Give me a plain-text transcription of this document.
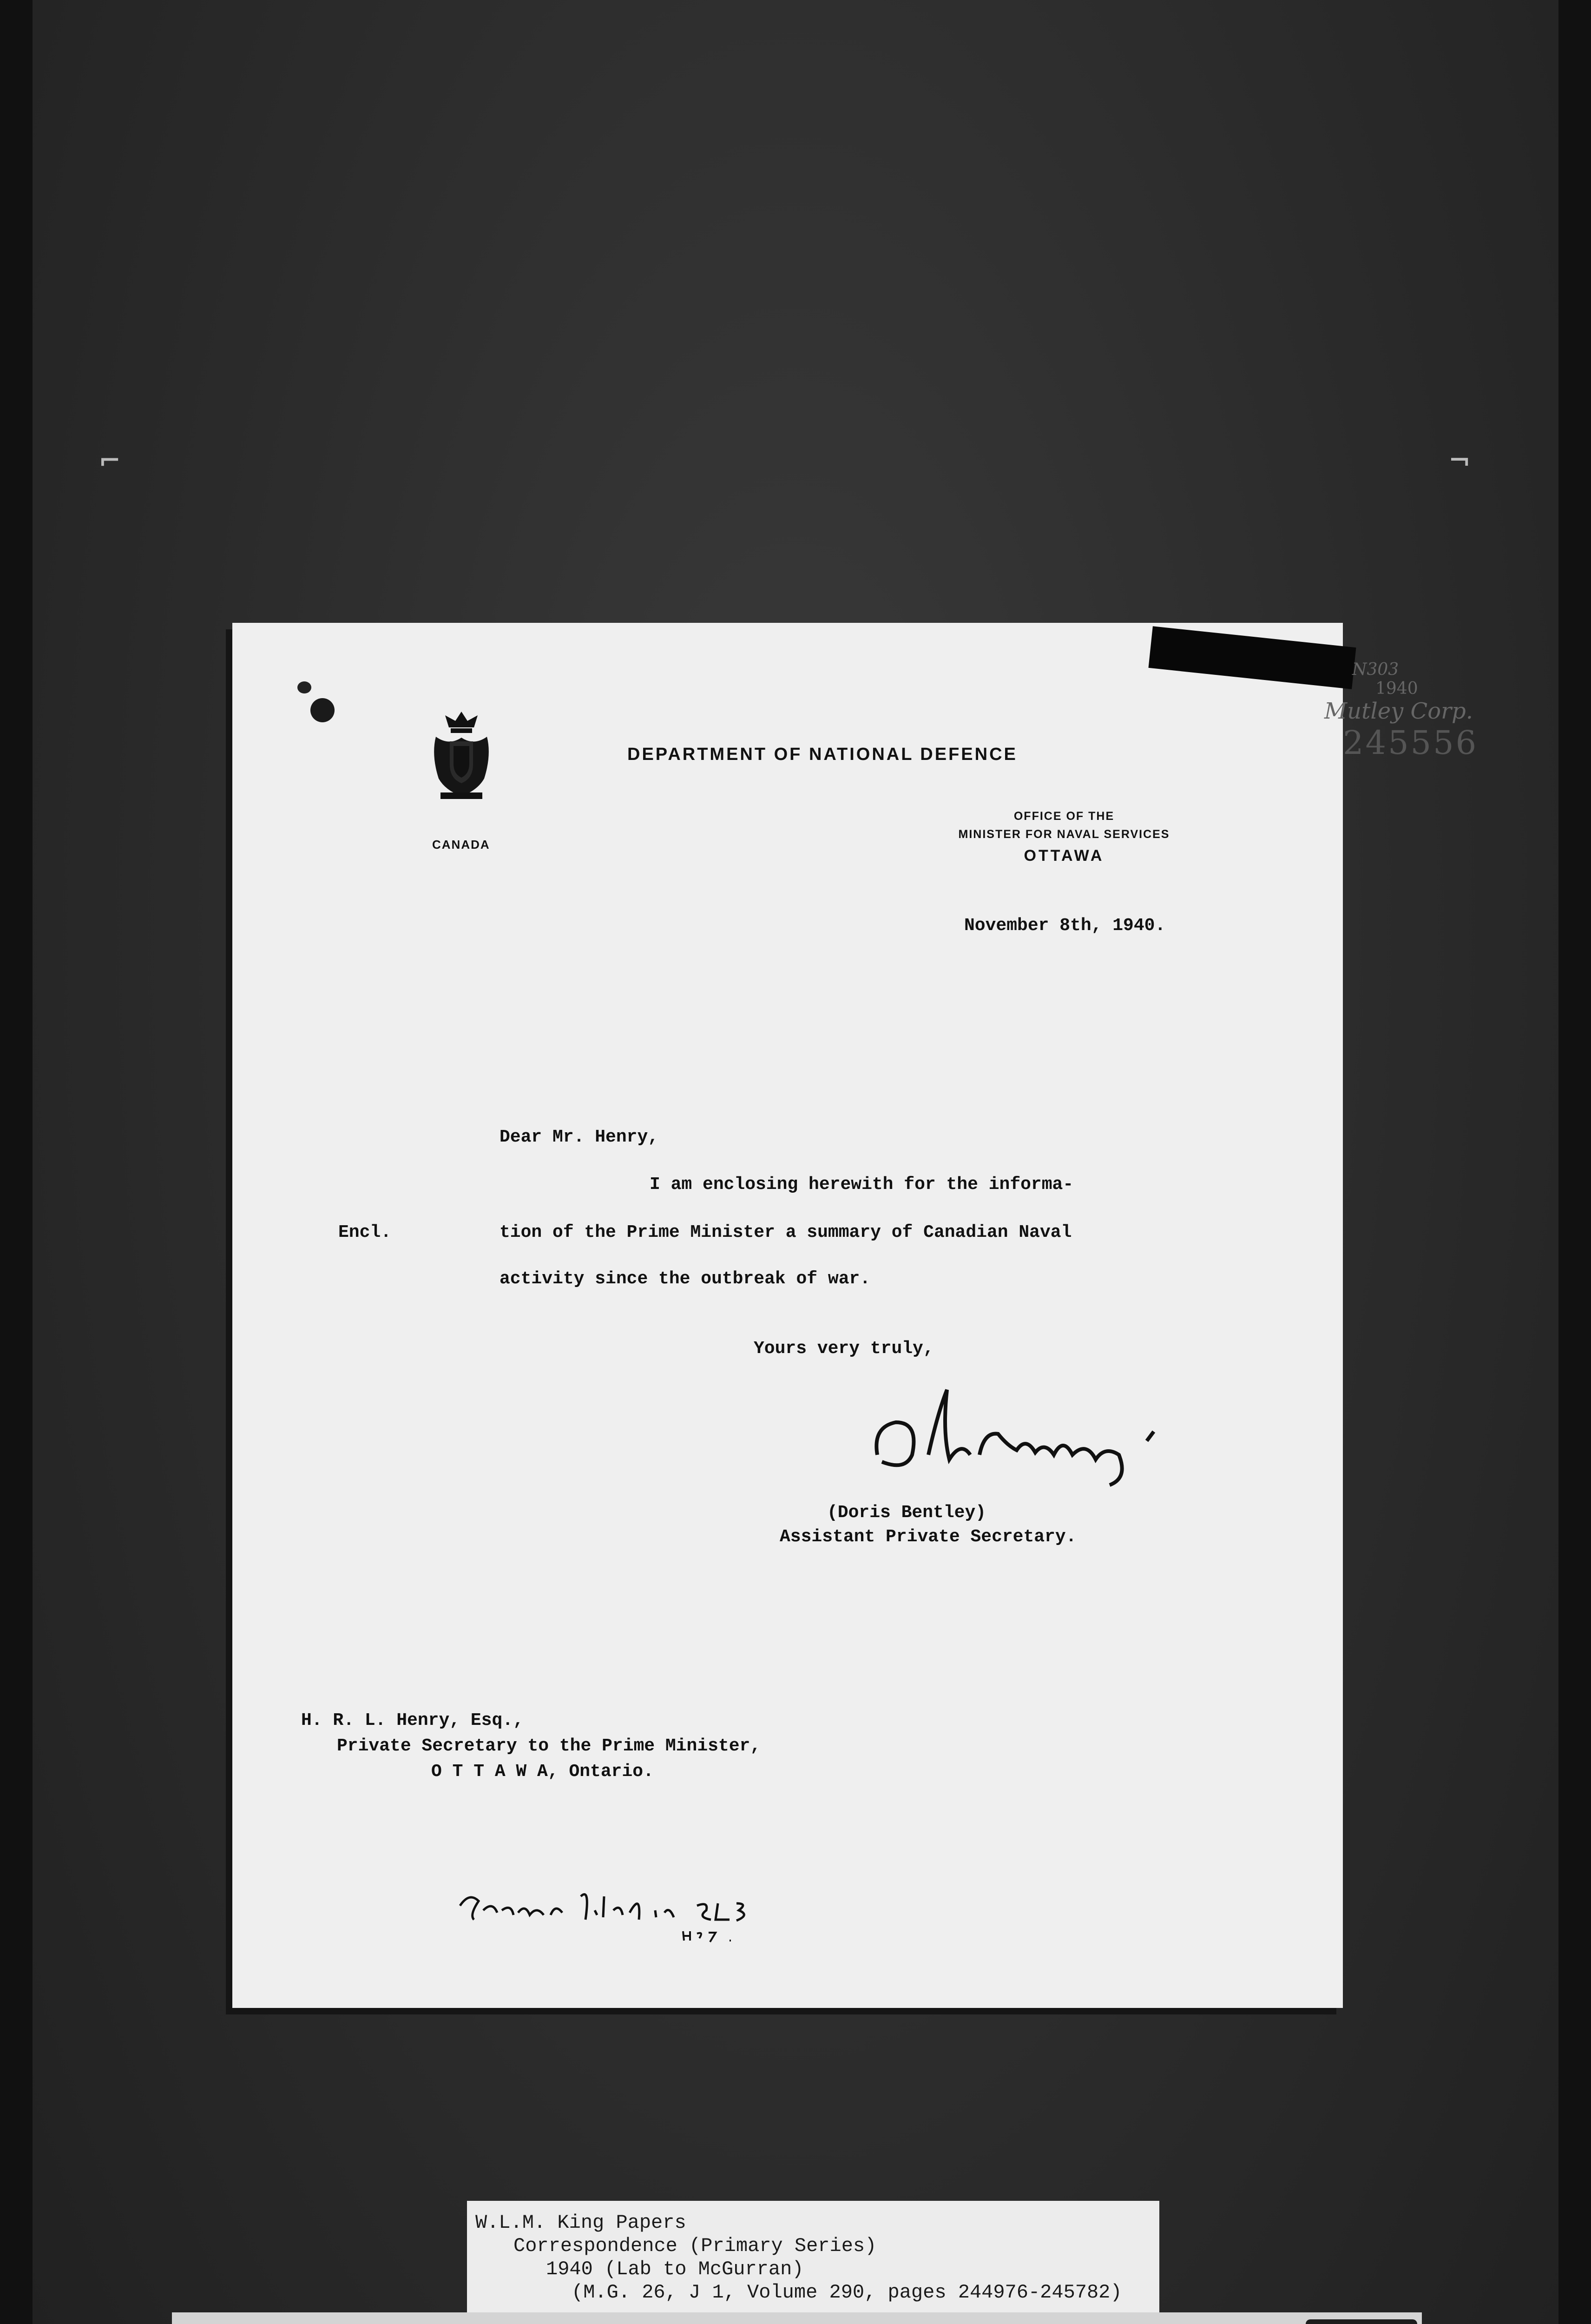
⌐	¬
CANADA
DEPARTMENT OF NATIONAL DEFENCE
OFFICE OF THE
MINISTER FOR NAVAL SERVICES
OTTAWA
N303
1940
Mutley Corp.
245556
November 8th, 1940.
Dear Mr. Henry,
I am enclosing herewith for the informa-
Encl.	tion of the Prime Minister a summary of Canadian Naval
activity since the outbreak of war.
Yours very truly,
(Doris Bentley)
Assistant Private Secretary.
H. R. L. Henry, Esq.,
Private Secretary to the Prime Minister,
O T T A W A, Ontario.
W.L.M. King Papers
Correspondence (Primary Series)
1940 (Lab to McGurran)
(M.G. 26, J 1, Volume 290, pages 244976-245782)
